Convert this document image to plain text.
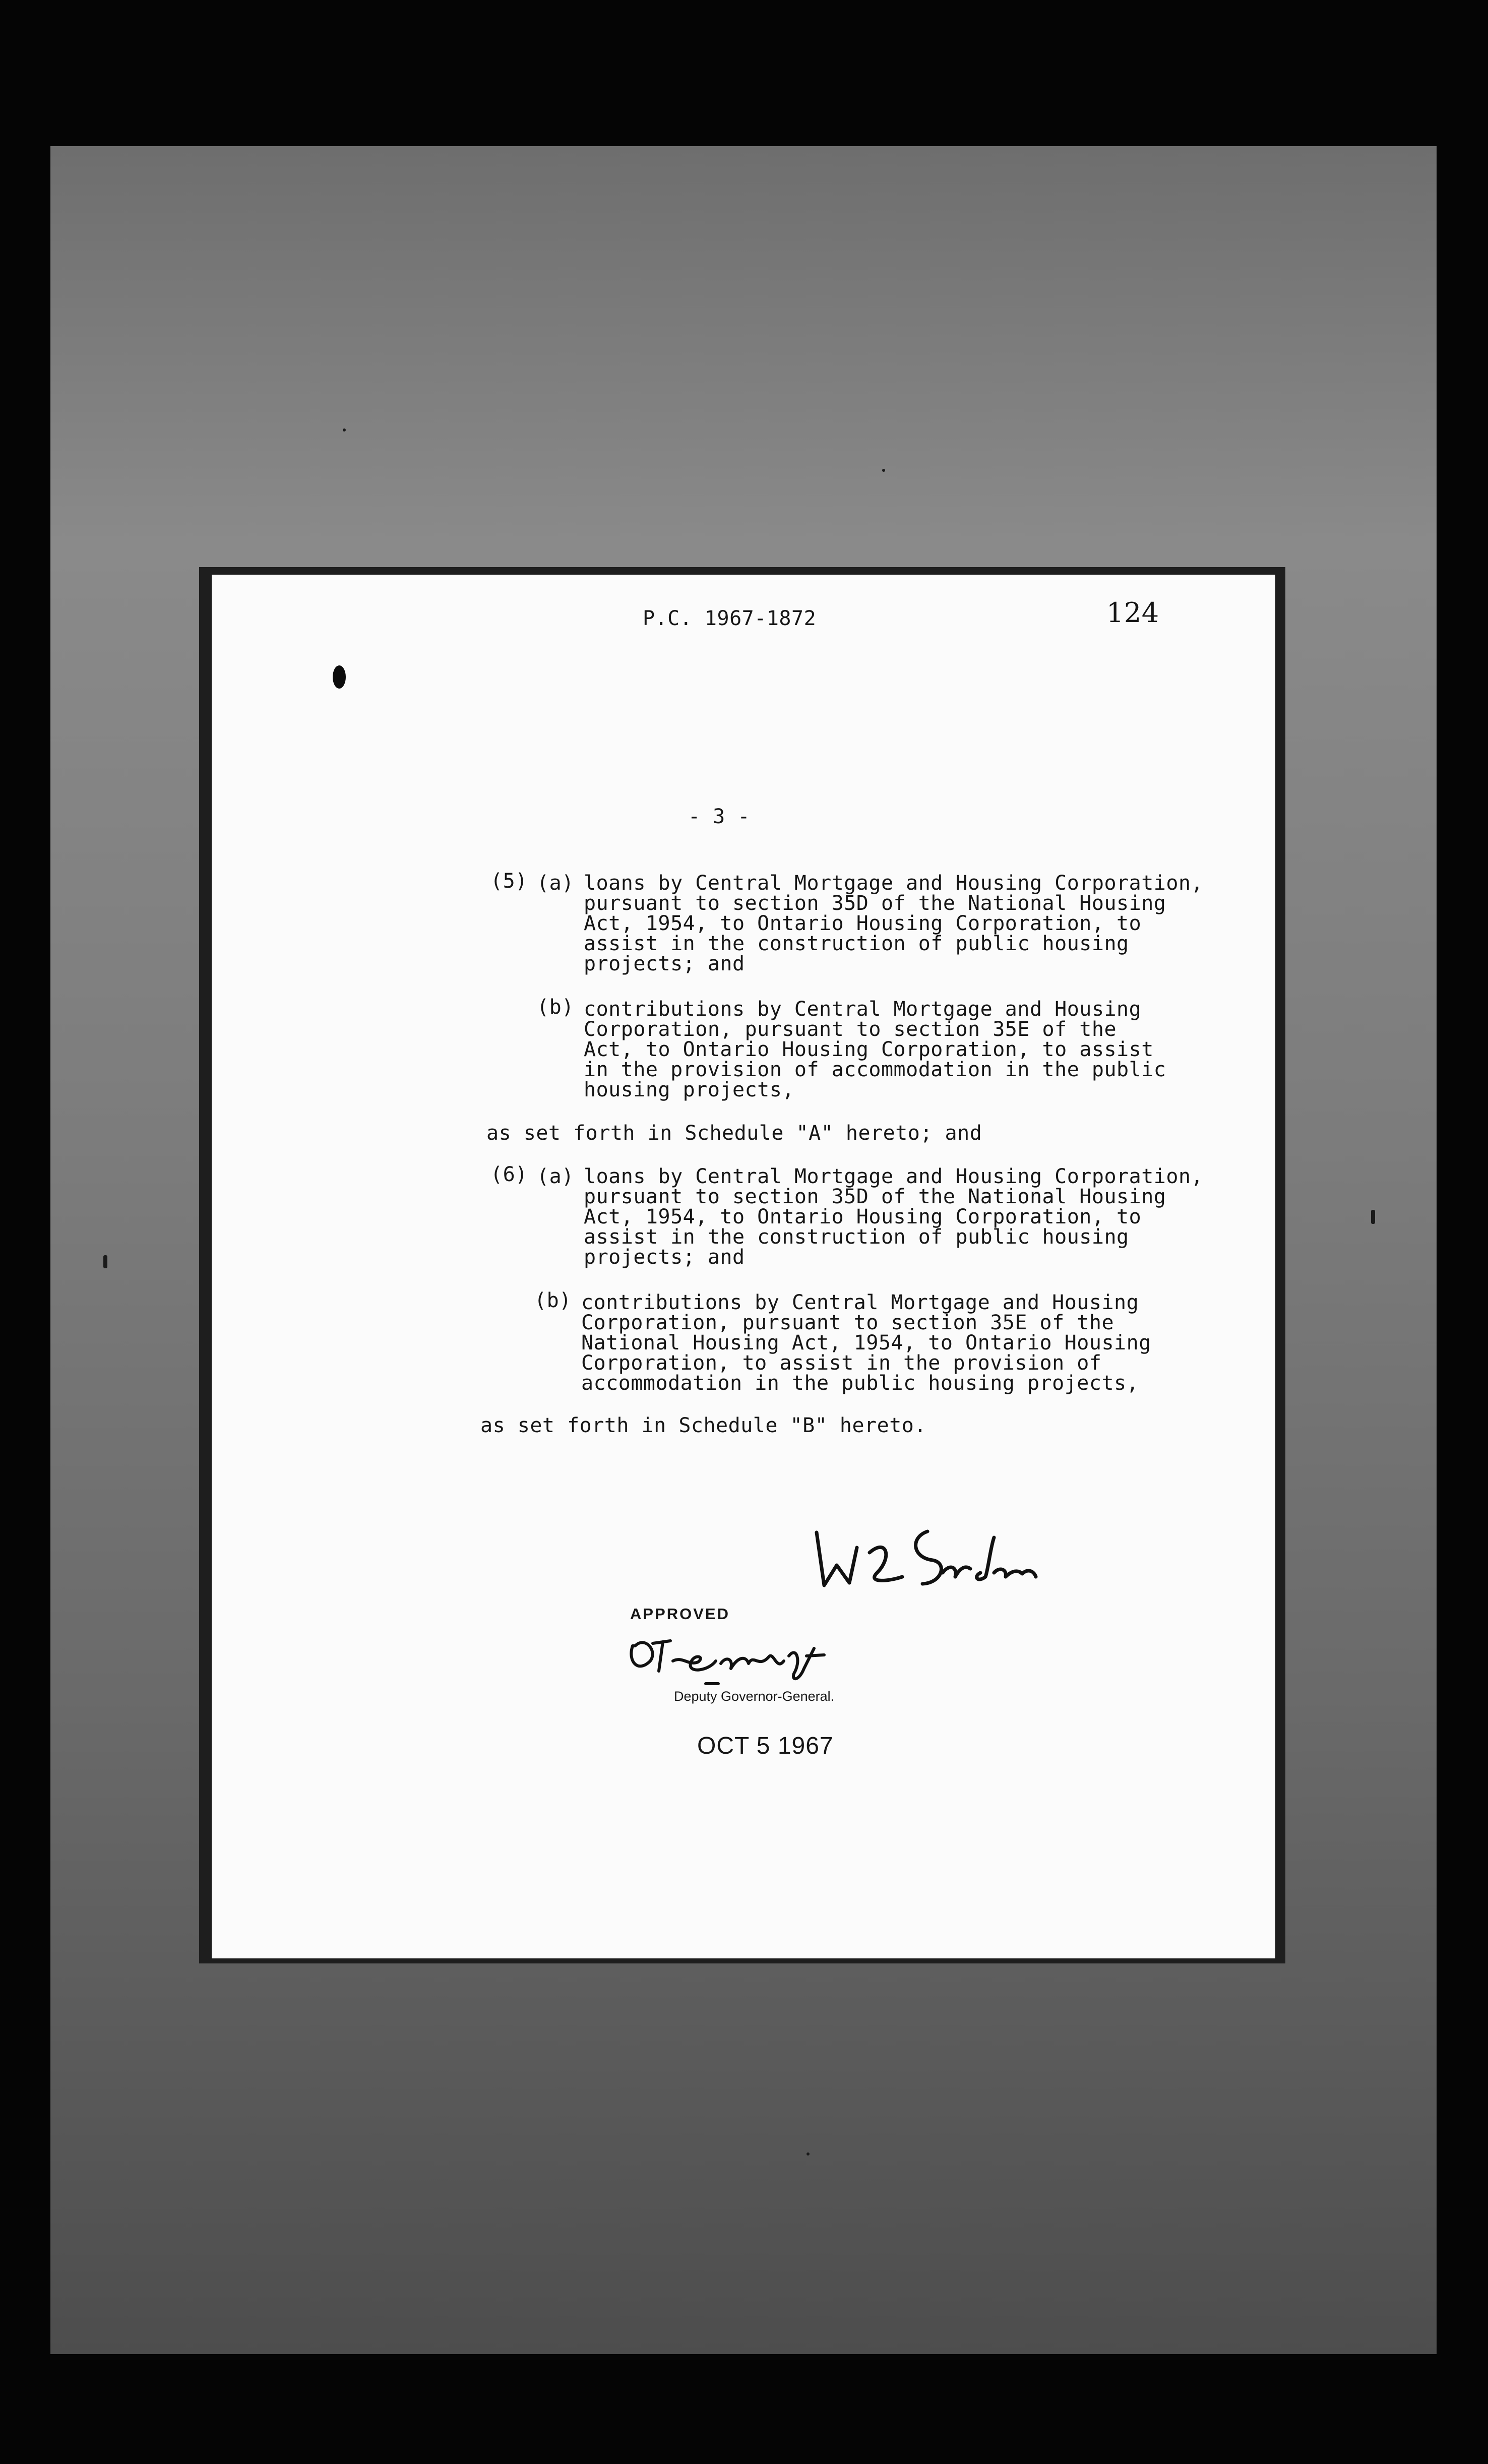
P.C. 1967-1872	124
- 3 -
(5) (a) loans by Central Mortgage and Housing Corporation,
pursuant to section 35D of the National Housing
Act, 1954, to Ontario Housing Corporation, to
assist in the construction of public housing
projects; and
(b) contributions by Central Mortgage and Housing
Corporation, pursuant to section 35E of the
Act, to Ontario Housing Corporation, to assist
in the provision of accommodation in the public
housing projects,
as set forth in Schedule "A" hereto; and
(6) (a) loans by Central Mortgage and Housing Corporation,
pursuant to section 35D of the National Housing
Act, 1954, to Ontario Housing Corporation, to
assist in the construction of public housing
projects; and
(b) contributions by Central Mortgage and Housing
Corporation, pursuant to section 35E of the
National Housing Act, 1954, to Ontario Housing
Corporation, to assist in the provision of
accommodation in the public housing projects,
as set forth in Schedule "B" hereto.
APPROVED
Deputy Governor-General.
OCT 5 1967
